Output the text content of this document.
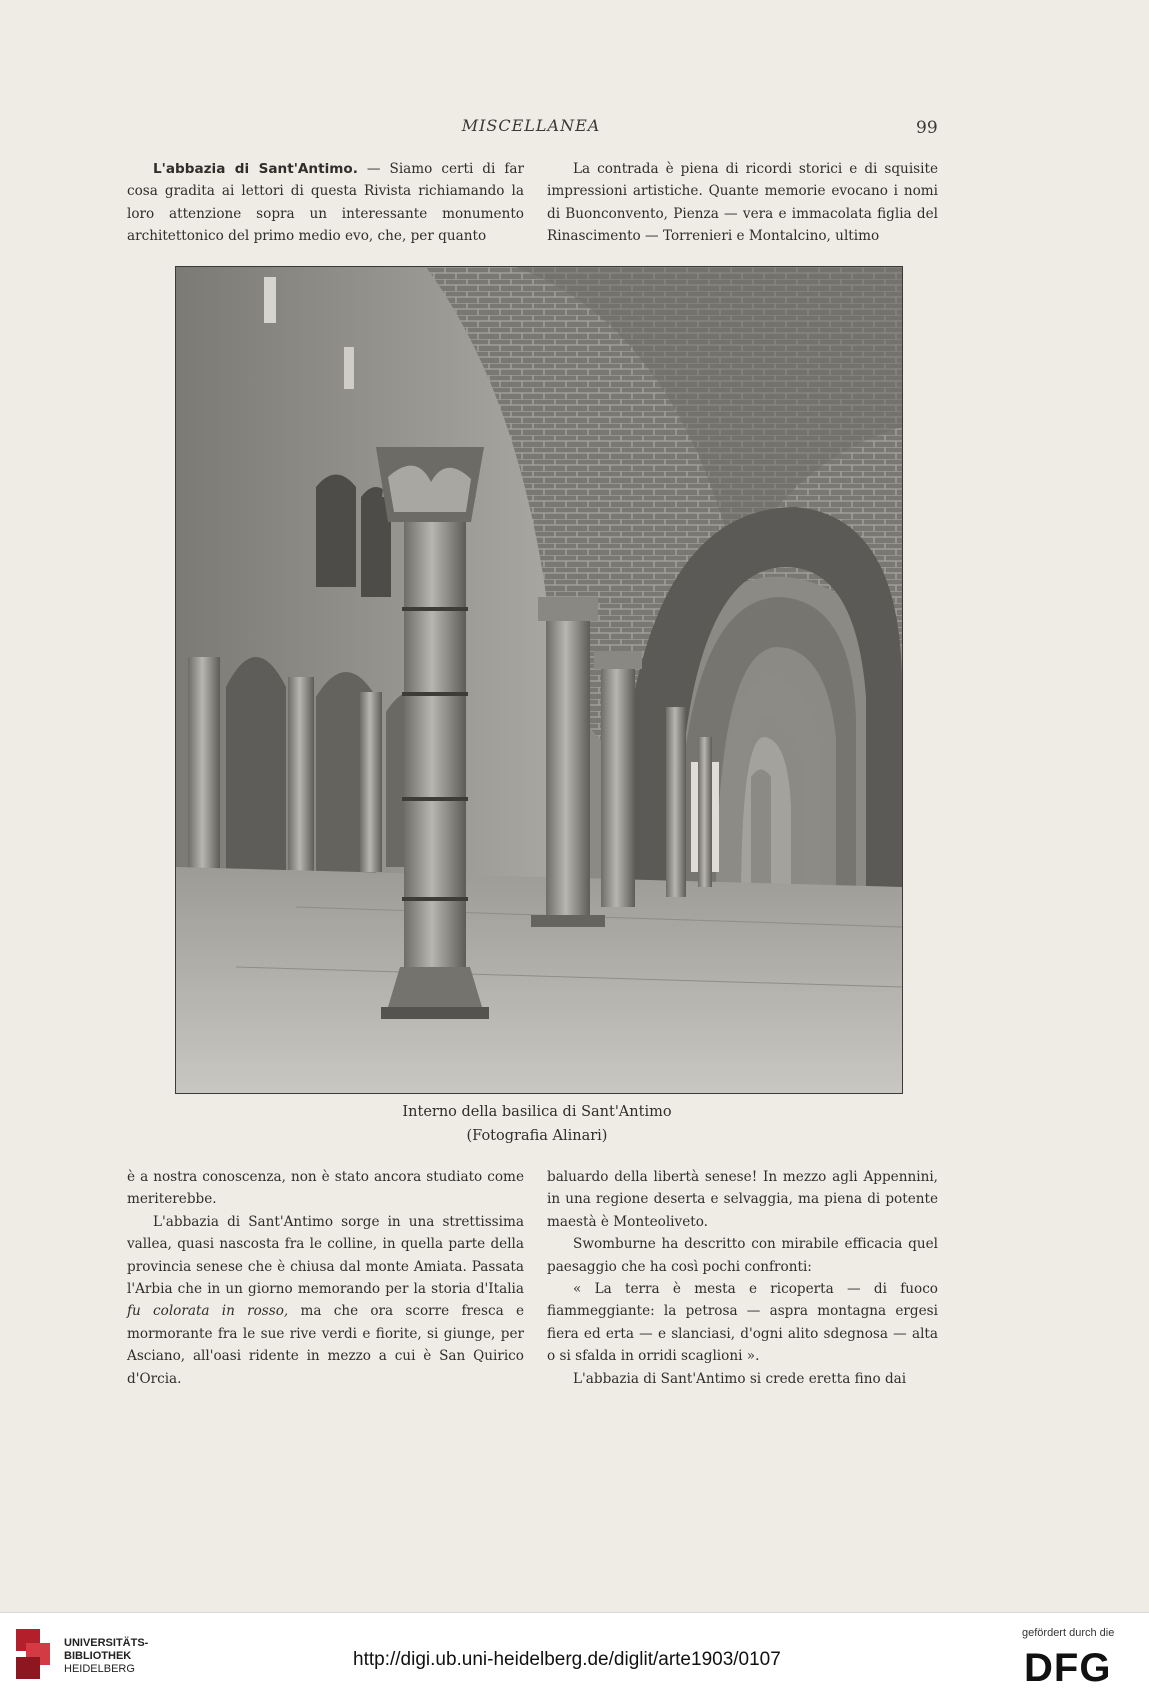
MISCELLANEA	99

L'abbazia di Sant'Antimo. — Siamo certi di far cosa gradita ai lettori di questa Rivista richiamando la loro attenzione sopra un interessante monumento architettonico del primo medio evo, che, per quanto

La contrada è piena di ricordi storici e di squisite impressioni artistiche. Quante memorie evocano i nomi di Buonconvento, Pienza — vera e immacolata figlia del Rinascimento — Torrenieri e Montalcino, ultimo

Interno della basilica di Sant'Antimo
(Fotografia Alinari)

è a nostra conoscenza, non è stato ancora studiato come meriterebbe.

L'abbazia di Sant'Antimo sorge in una strettissima vallea, quasi nascosta fra le colline, in quella parte della provincia senese che è chiusa dal monte Amiata. Passata l'Arbia che in un giorno memorando per la storia d'Italia fu colorata in rosso, ma che ora scorre fresca e mormorante fra le sue rive verdi e fiorite, si giunge, per Asciano, all'oasi ridente in mezzo a cui è San Quirico d'Orcia.

baluardo della libertà senese! In mezzo agli Appennini, in una regione deserta e selvaggia, ma piena di potente maestà è Monteoliveto.

Swomburne ha descritto con mirabile efficacia quel paesaggio che ha così pochi confronti:

« La terra è mesta e ricoperta — di fuoco fiammeggiante: la petrosa — aspra montagna ergesi fiera ed erta — e slanciasi, d'ogni alito sdegnosa — alta o si sfalda in orridi scaglioni ».

L'abbazia di Sant'Antimo si crede eretta fino dai

UNIVERSITÄTS-
BIBLIOTHEK
HEIDELBERG	http://digi.ub.uni-heidelberg.de/diglit/arte1903/0107
gefördert durch die
DFG
